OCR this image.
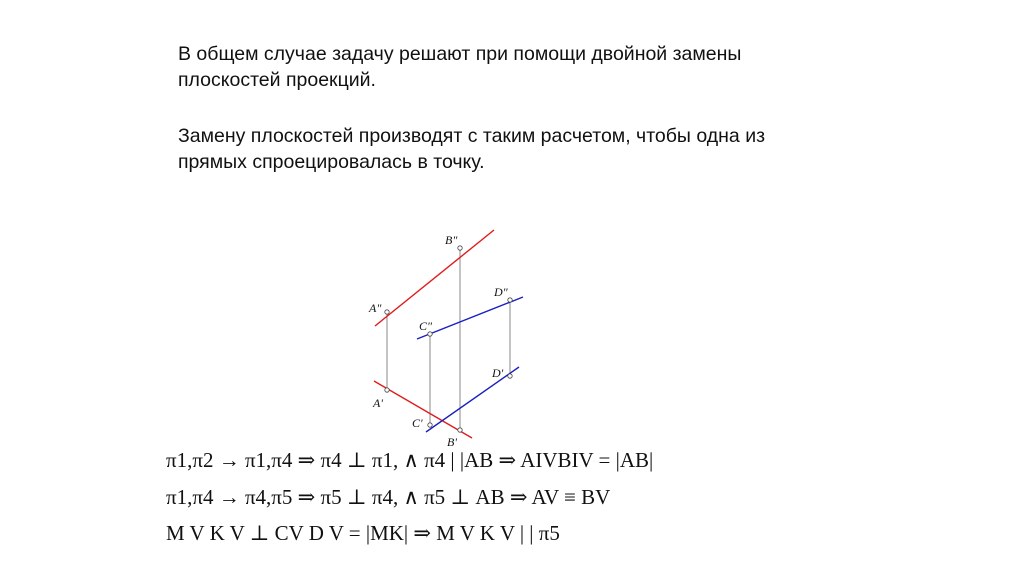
В общем случае задачу решают при помощи двойной замены
плоскостей проекций.
Замену плоскостей производят с таким расчетом, чтобы одна из
прямых спроецировалась в точку.
B"
A"
C"
D"
D'
A'
C'
B'
π1,π2 → π1,π4 ⇒ π4 ⊥ π1, ∧ π4 | |AB ⇒ AIVBIV = |AB|
π1,π4 → π4,π5 ⇒ π5 ⊥ π4, ∧ π5 ⊥ AB ⇒ AV ≡ BV
M V K V ⊥ CV D V = |MK| ⇒ M V K V | | π5
